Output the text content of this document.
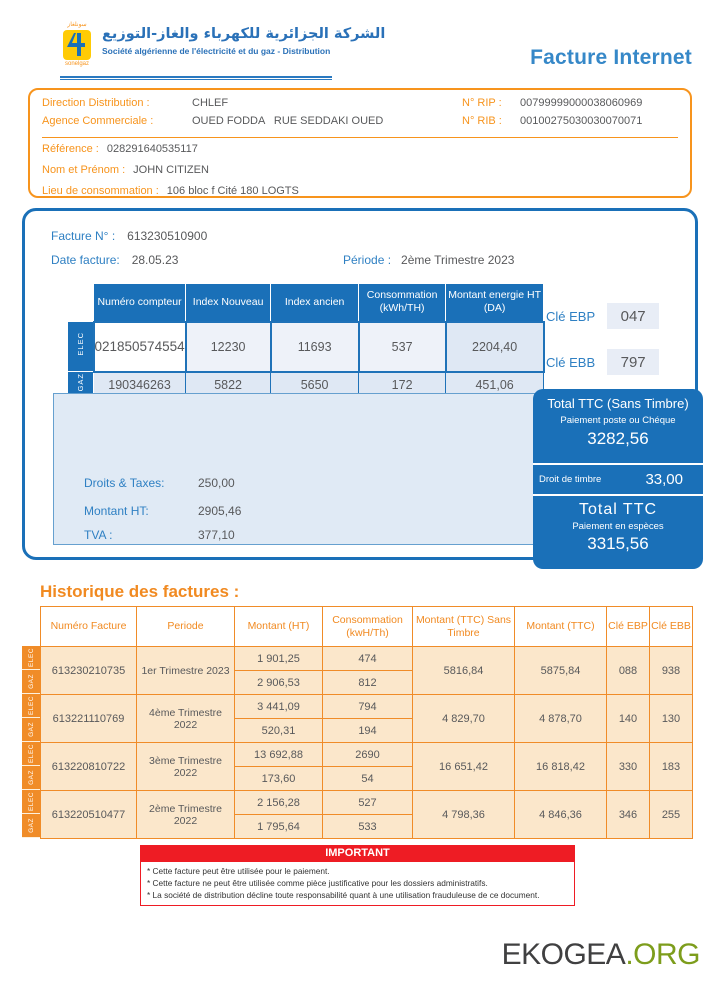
سونلغاز
sonelgaz
الشركة الجزائرية للكهرباء والغاز-التوزيع
Société algérienne de l'électricité et du gaz - Distribution	Facture Internet
Direction Distribution :	CHLEF	N° RIP :	00799999000038060969
Agence Commerciale :	OUED FODDA   RUE SEDDAKI OUED	N° RIB :	00100275030030070071
Référence : 028291640535117
Nom et Prénom : JOHN CITIZEN
Lieu de consommation : 106 bloc f Cité 180 LOGTS
Facture N° : 613230510900
Date facture: 28.05.23	Période : 2ème Trimestre 2023
	Numéro compteur	Index Nouveau	Index ancien	Consommation (kWh/TH)	Montant energie HT (DA)
ELEC	021850574554	12230	11693	537	2204,40
GAZ	190346263	5822	5650	172	451,06
Clé EBP	047
Clé EBB	797
Droits & Taxes:	250,00
Montant HT:	2905,46
TVA :	377,10
Total TTC (Sans Timbre)
Paiement poste ou Chéque
3282,56
Droit de timbre	33,00
Total TTC
Paiement en espèces
3315,56
Historique des factures :
ELEC
GAZ
ELEC
GAZ
ELEC
GAZ
ELEC
GAZ
Numéro Facture	Periode	Montant (HT)	Consommation (kwH/Th)	Montant (TTC) Sans Timbre	Montant (TTC)	Clé EBP	Clé EBB
613230210735	1er Trimestre 2023	1 901,25	474	5816,84	5875,84	088	938
		2 906,53	812				
613221110769	4ème Trimestre 2022	3 441,09	794	4 829,70	4 878,70	140	130
		520,31	194				
613220810722	3ème Trimestre 2022	13 692,88	2690	16 651,42	16 818,42	330	183
		173,60	54				
613220510477	2ème Trimestre 2022	2 156,28	527	4 798,36	4 846,36	346	255
		1 795,64	533				
IMPORTANT
* Cette facture peut être utilisée pour le paiement.
* Cette facture ne peut être utilisée comme pièce justificative pour les dossiers administratifs.
* La société de distribution décline toute responsabilité quant à une utilisation frauduleuse de ce document.
EKOGEA.ORG
